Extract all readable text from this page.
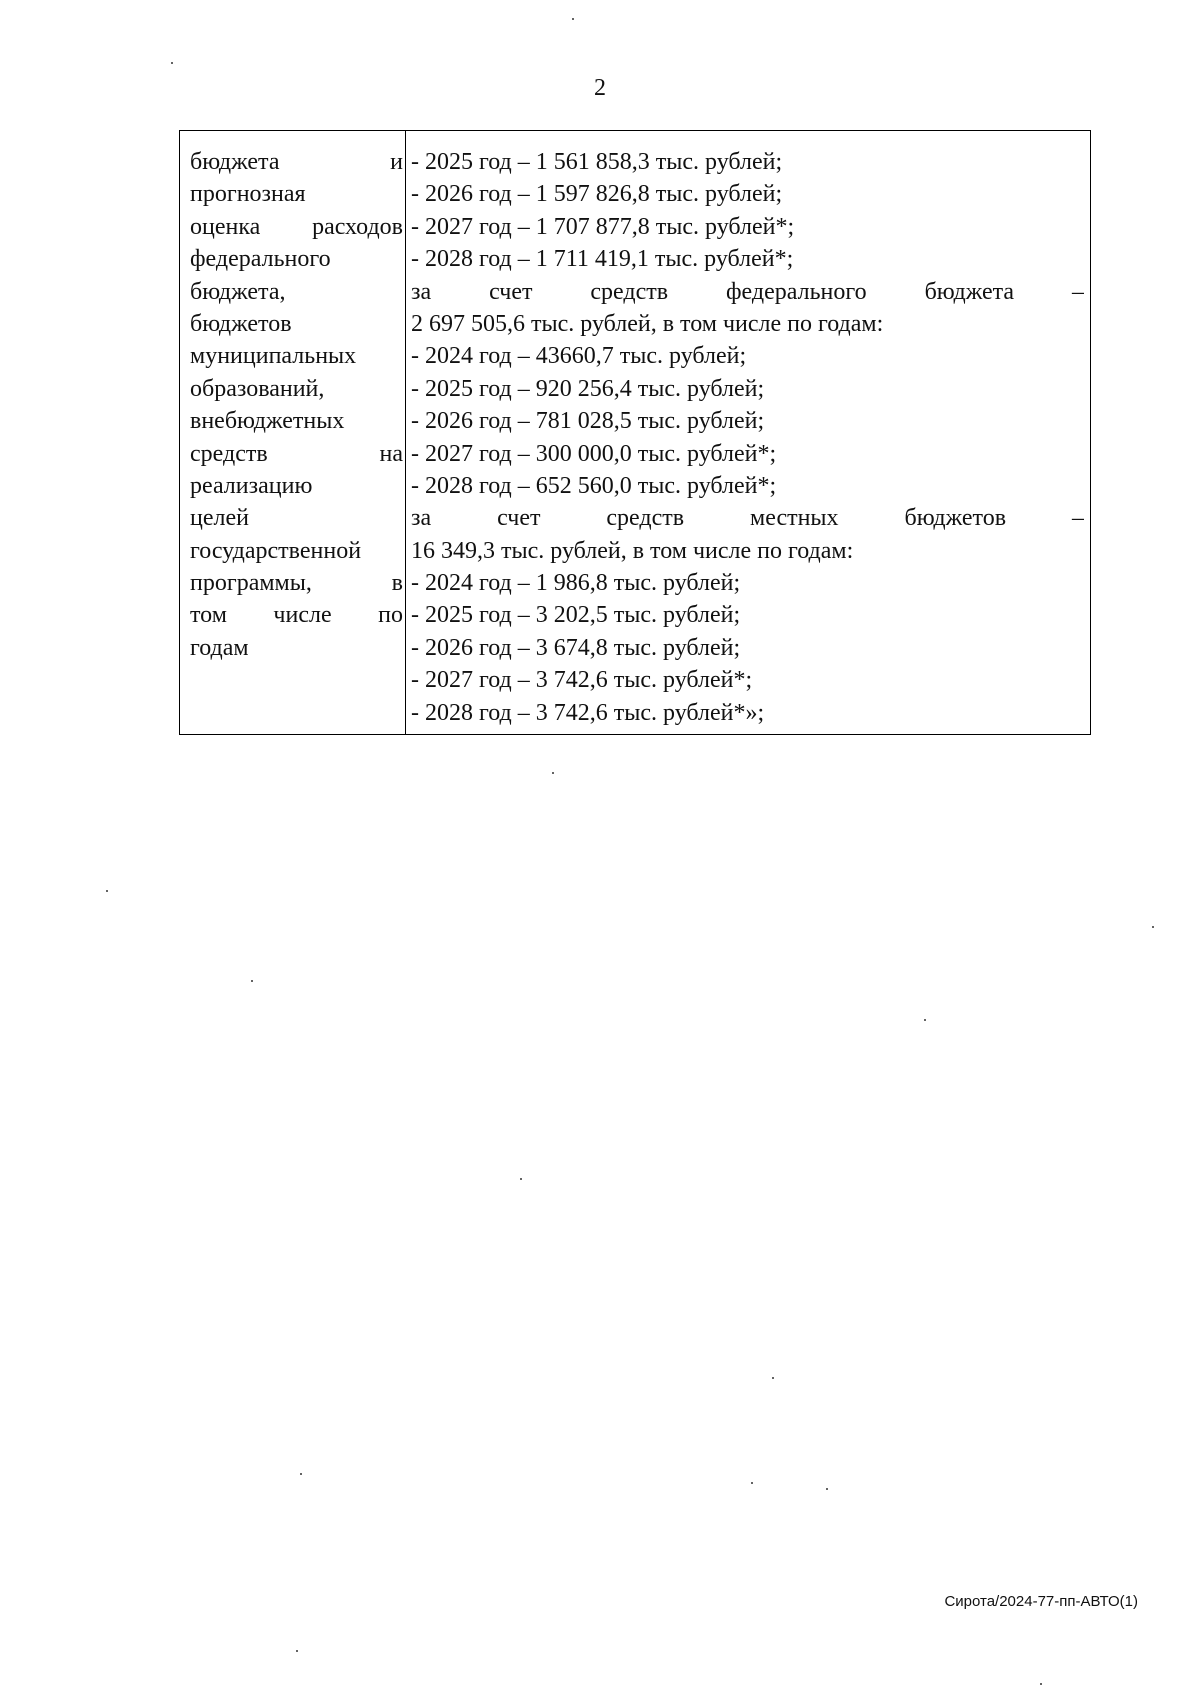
2
бюджета и
прогнозная
оценка расходов
федерального
бюджета,
бюджетов
муниципальных
образований,
внебюджетных
средств на
реализацию
целей
государственной
программы, в
том числе по
годам
- 2025 год – 1 561 858,3 тыс. рублей;
- 2026 год – 1 597 826,8 тыс. рублей;
- 2027 год – 1 707 877,8 тыс. рублей*;
- 2028 год – 1 711 419,1 тыс. рублей*;
за счет средств федерального бюджета –
2 697 505,6 тыс. рублей, в том числе по годам:
- 2024 год – 43660,7 тыс. рублей;
- 2025 год – 920 256,4 тыс. рублей;
- 2026 год – 781 028,5 тыс. рублей;
- 2027 год – 300 000,0 тыс. рублей*;
- 2028 год – 652 560,0 тыс. рублей*;
за счет средств местных бюджетов –
16 349,3 тыс. рублей, в том числе по годам:
- 2024 год – 1 986,8 тыс. рублей;
- 2025 год – 3 202,5 тыс. рублей;
- 2026 год – 3 674,8 тыс. рублей;
- 2027 год – 3 742,6 тыс. рублей*;
- 2028 год – 3 742,6 тыс. рублей*»;
Сирота/2024-77-пп-АВТО(1)
